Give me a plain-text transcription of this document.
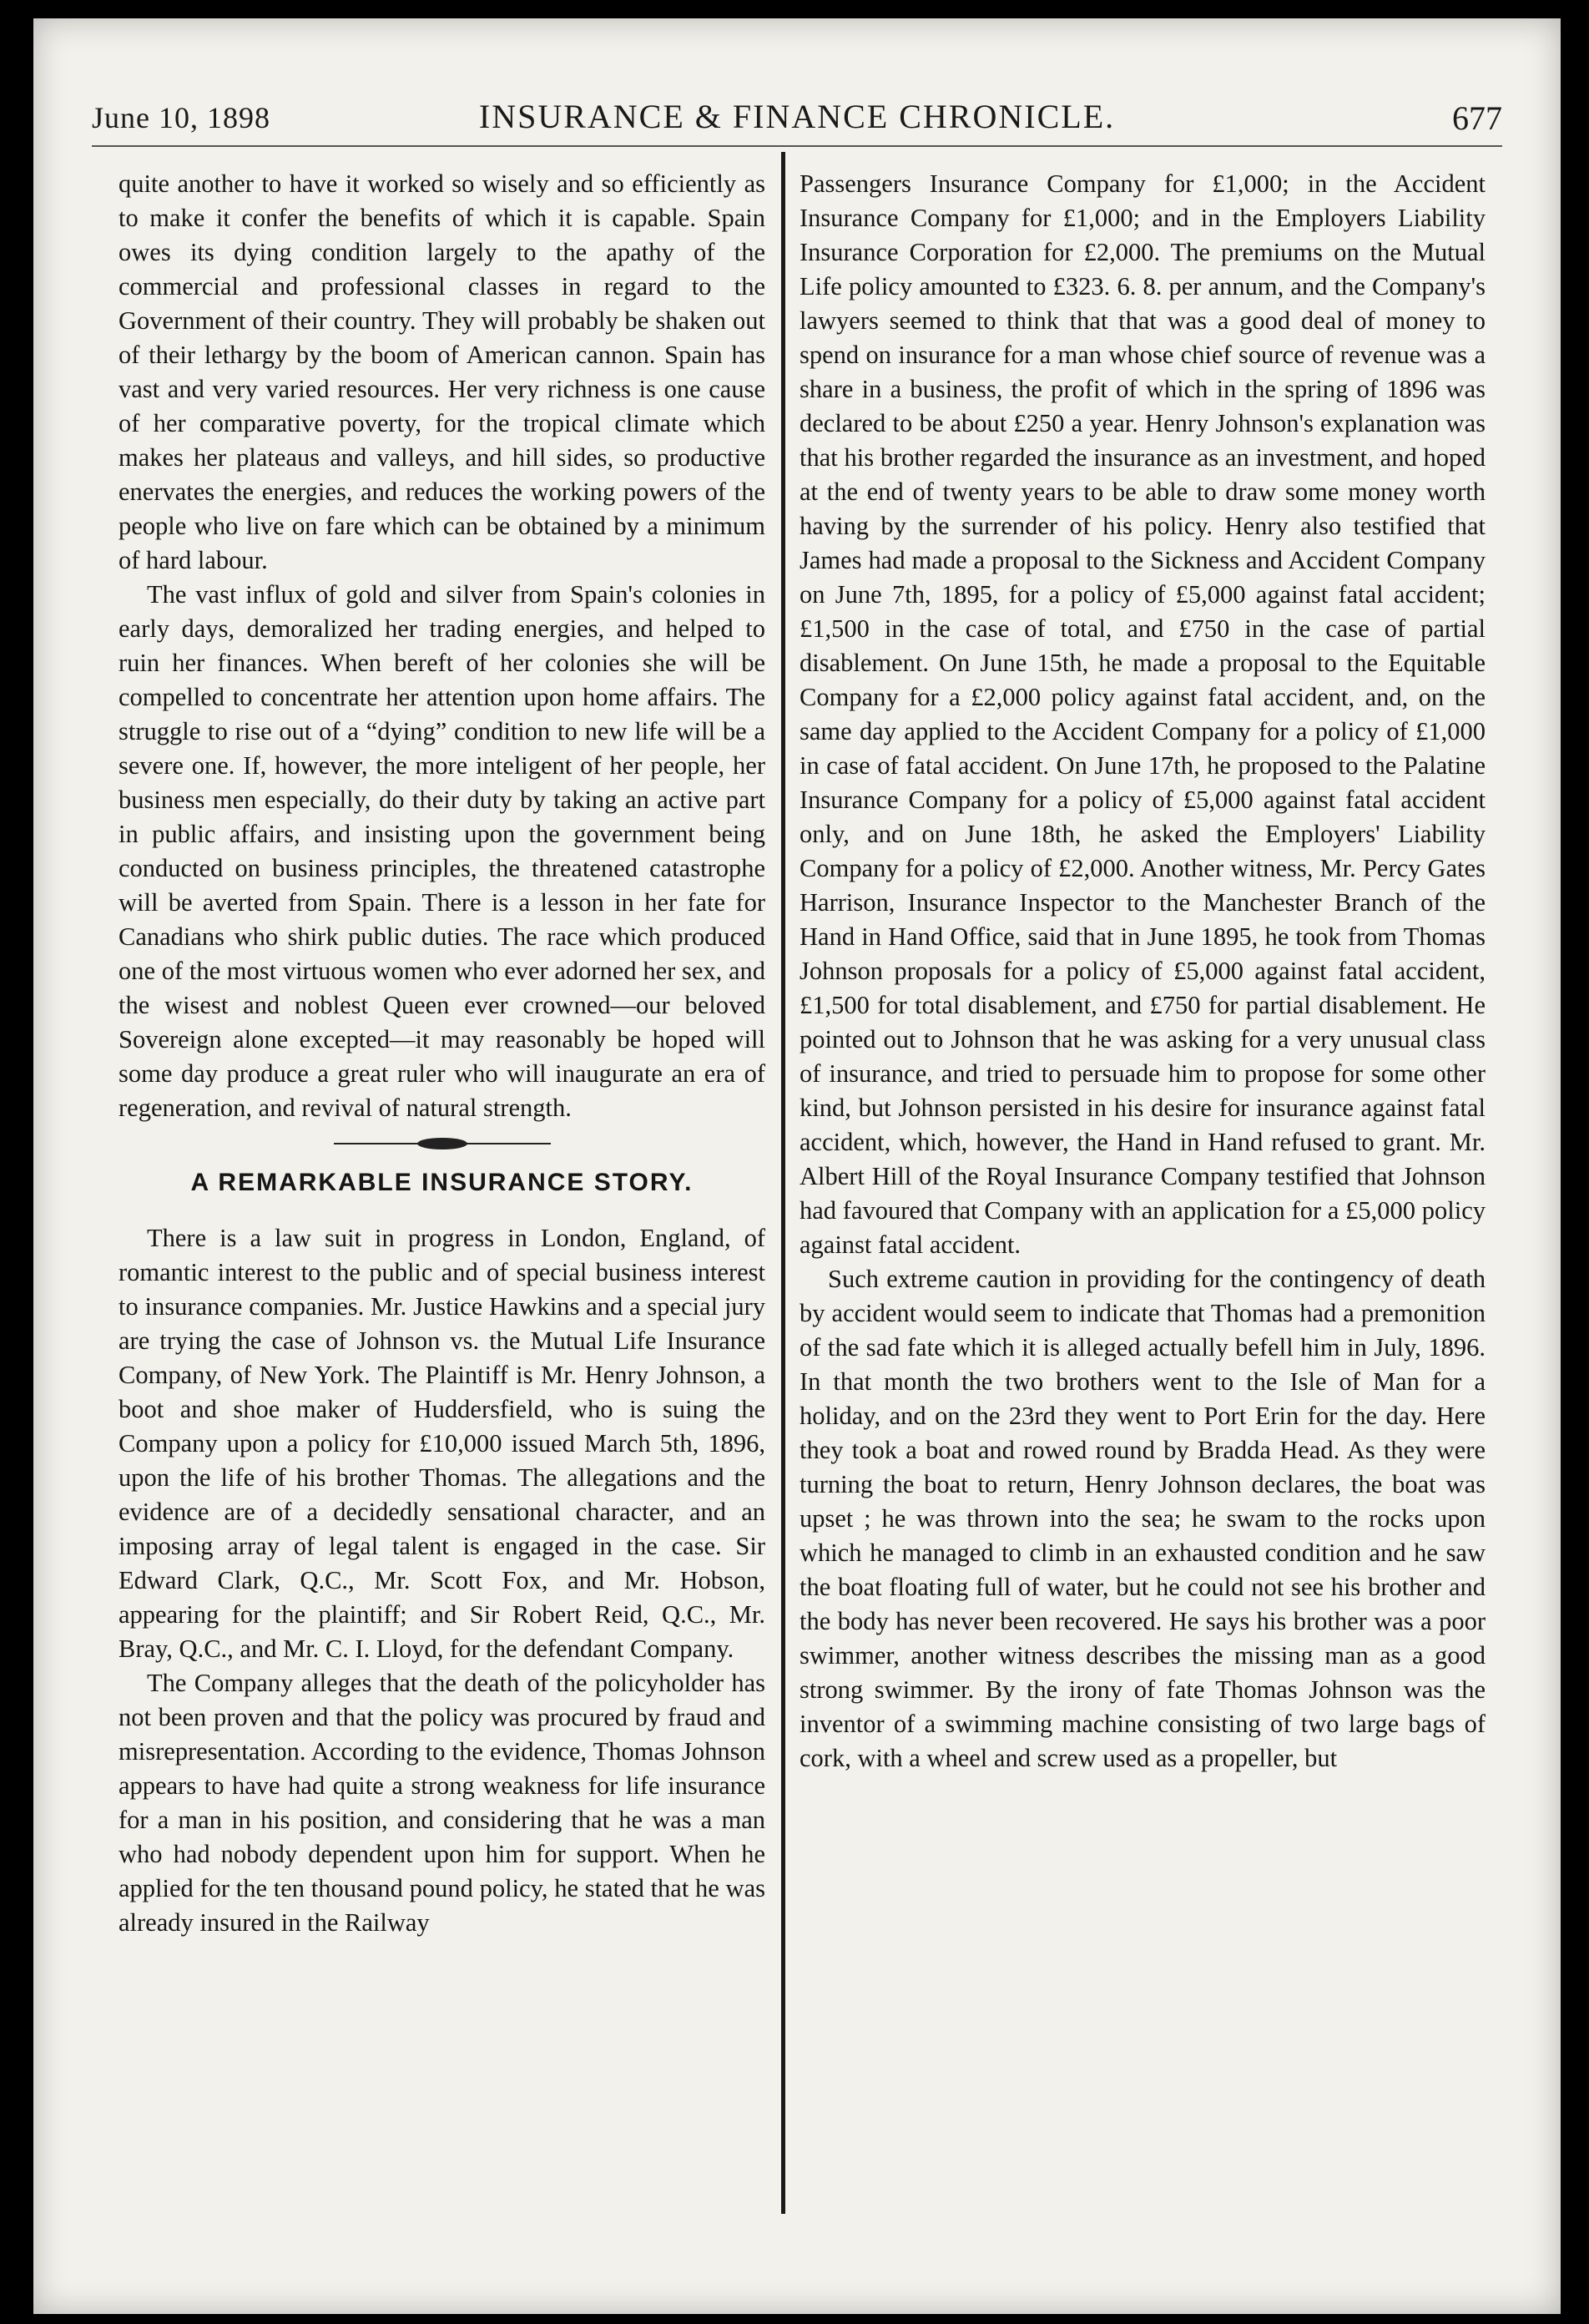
June 10, 1898	INSURANCE & FINANCE CHRONICLE.	677

quite another to have it worked so wisely and so efficiently as to make it confer the benefits of which it is capable. Spain owes its dying condition largely to the apathy of the commercial and professional classes in regard to the Government of their country. They will probably be shaken out of their lethargy by the boom of American cannon. Spain has vast and very varied resources. Her very richness is one cause of her comparative poverty, for the tropical climate which makes her plateaus and valleys, and hill sides, so productive enervates the energies, and reduces the working powers of the people who live on fare which can be obtained by a minimum of hard labour.

The vast influx of gold and silver from Spain's colonies in early days, demoralized her trading energies, and helped to ruin her finances. When bereft of her colonies she will be compelled to concentrate her attention upon home affairs. The struggle to rise out of a “dying” condition to new life will be a severe one. If, however, the more inteligent of her people, her business men especially, do their duty by taking an active part in public affairs, and insisting upon the government being conducted on business principles, the threatened catastrophe will be averted from Spain. There is a lesson in her fate for Canadians who shirk public duties. The race which produced one of the most virtuous women who ever adorned her sex, and the wisest and noblest Queen ever crowned—our beloved Sovereign alone excepted—it may reasonably be hoped will some day produce a great ruler who will inaugurate an era of regeneration, and revival of natural strength.

A REMARKABLE INSURANCE STORY.

There is a law suit in progress in London, England, of romantic interest to the public and of special business interest to insurance companies. Mr. Justice Hawkins and a special jury are trying the case of Johnson vs. the Mutual Life Insurance Company, of New York. The Plaintiff is Mr. Henry Johnson, a boot and shoe maker of Huddersfield, who is suing the Company upon a policy for £10,000 issued March 5th, 1896, upon the life of his brother Thomas. The allegations and the evidence are of a decidedly sensational character, and an imposing array of legal talent is engaged in the case. Sir Edward Clark, Q.C., Mr. Scott Fox, and Mr. Hobson, appearing for the plaintiff; and Sir Robert Reid, Q.C., Mr. Bray, Q.C., and Mr. C. I. Lloyd, for the defendant Company.

The Company alleges that the death of the policyholder has not been proven and that the policy was procured by fraud and misrepresentation. According to the evidence, Thomas Johnson appears to have had quite a strong weakness for life insurance for a man in his position, and considering that he was a man who had nobody dependent upon him for support. When he applied for the ten thousand pound policy, he stated that he was already insured in the Railway

Passengers Insurance Company for £1,000; in the Accident Insurance Company for £1,000; and in the Employers Liability Insurance Corporation for £2,000. The premiums on the Mutual Life policy amounted to £323. 6. 8. per annum, and the Company's lawyers seemed to think that that was a good deal of money to spend on insurance for a man whose chief source of revenue was a share in a business, the profit of which in the spring of 1896 was declared to be about £250 a year. Henry Johnson's explanation was that his brother regarded the insurance as an investment, and hoped at the end of twenty years to be able to draw some money worth having by the surrender of his policy. Henry also testified that James had made a proposal to the Sickness and Accident Company on June 7th, 1895, for a policy of £5,000 against fatal accident; £1,500 in the case of total, and £750 in the case of partial disablement. On June 15th, he made a proposal to the Equitable Company for a £2,000 policy against fatal accident, and, on the same day applied to the Accident Company for a policy of £1,000 in case of fatal accident. On June 17th, he proposed to the Palatine Insurance Company for a policy of £5,000 against fatal accident only, and on June 18th, he asked the Employers' Liability Company for a policy of £2,000. Another witness, Mr. Percy Gates Harrison, Insurance Inspector to the Manchester Branch of the Hand in Hand Office, said that in June 1895, he took from Thomas Johnson proposals for a policy of £5,000 against fatal accident, £1,500 for total disablement, and £750 for partial disablement. He pointed out to Johnson that he was asking for a very unusual class of insurance, and tried to persuade him to propose for some other kind, but Johnson persisted in his desire for insurance against fatal accident, which, however, the Hand in Hand refused to grant. Mr. Albert Hill of the Royal Insurance Company testified that Johnson had favoured that Company with an application for a £5,000 policy against fatal accident.

Such extreme caution in providing for the contingency of death by accident would seem to indicate that Thomas had a premonition of the sad fate which it is alleged actually befell him in July, 1896. In that month the two brothers went to the Isle of Man for a holiday, and on the 23rd they went to Port Erin for the day. Here they took a boat and rowed round by Bradda Head. As they were turning the boat to return, Henry Johnson declares, the boat was upset ; he was thrown into the sea; he swam to the rocks upon which he managed to climb in an exhausted condition and he saw the boat floating full of water, but he could not see his brother and the body has never been recovered. He says his brother was a poor swimmer, another witness describes the missing man as a good strong swimmer. By the irony of fate Thomas Johnson was the inventor of a swimming machine consisting of two large bags of cork, with a wheel and screw used as a propeller, but
